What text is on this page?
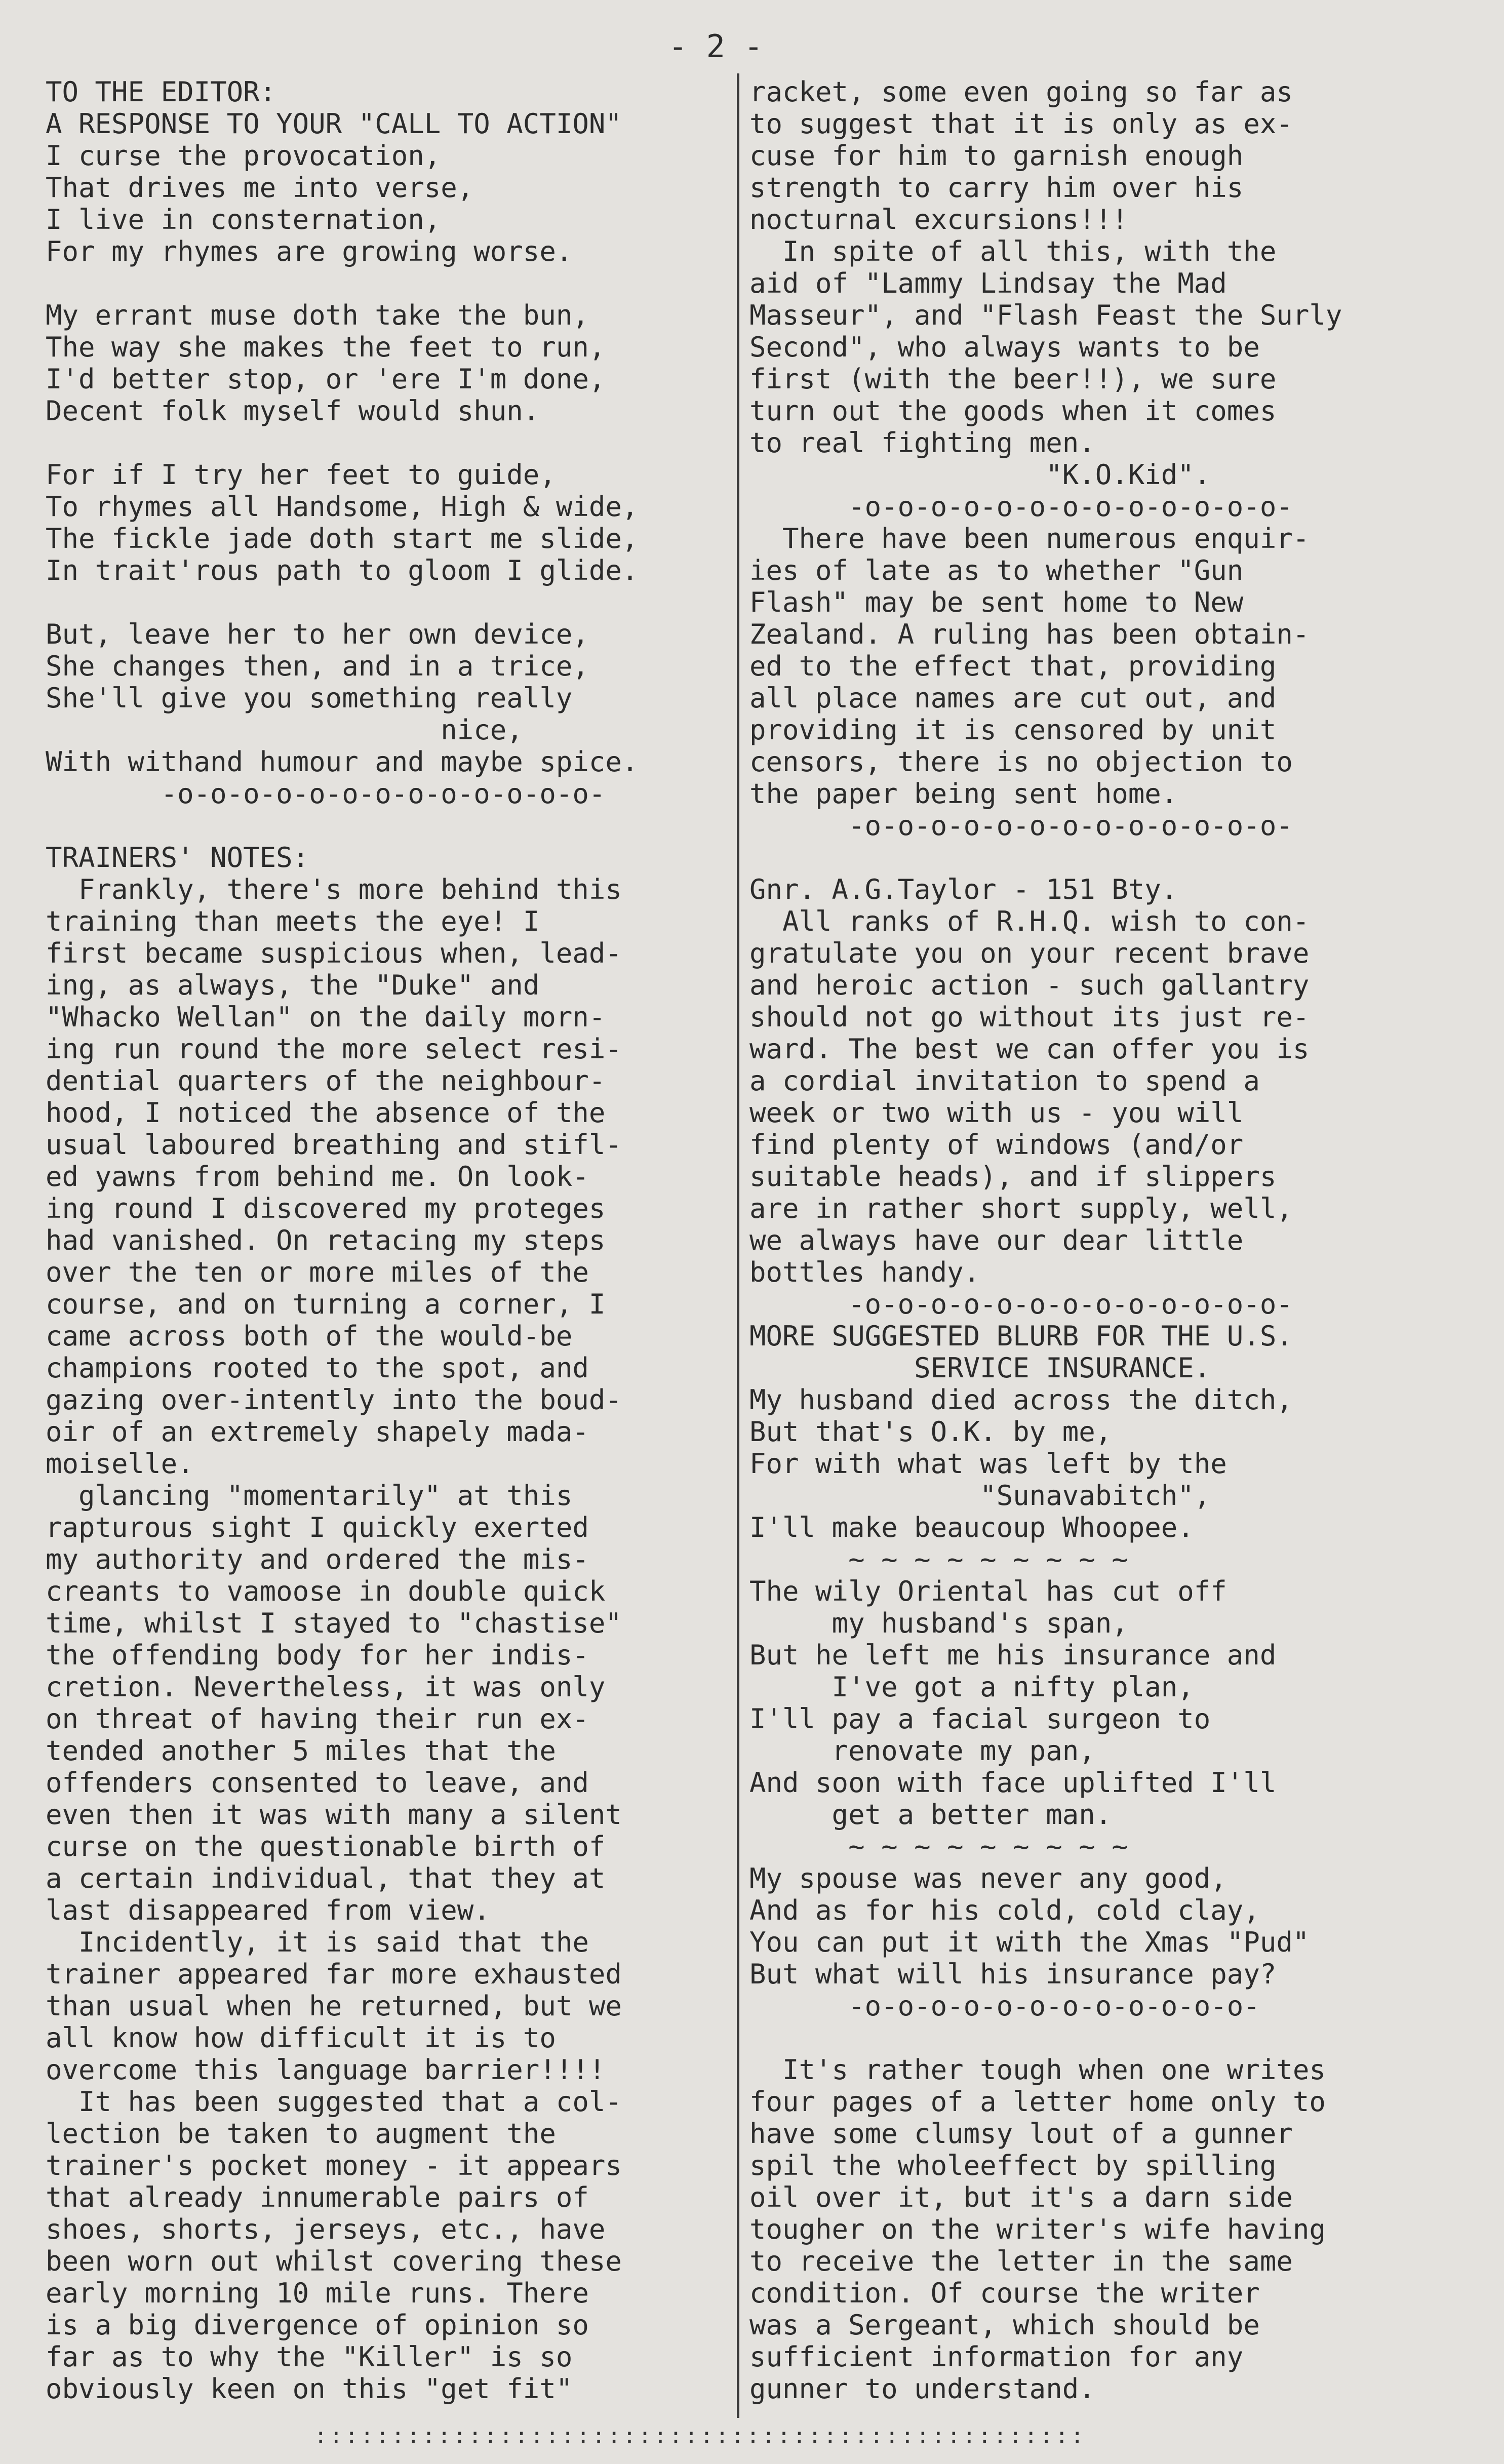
- 2 -
TO THE EDITOR:
A RESPONSE TO YOUR "CALL TO ACTION"
I curse the provocation,
That drives me into verse,
I live in consternation,
For my rhymes are growing worse.
My errant muse doth take the bun,
The way she makes the feet to run,
I'd better stop, or 'ere I'm done,
Decent folk myself would shun.
For if I try her feet to guide,
To rhymes all Handsome, High & wide,
The fickle jade doth start me slide,
In trait'rous path to gloom I glide.
But, leave her to her own device,
She changes then, and in a trice,
She'll give you something really
nice,
With withand humour and maybe spice.
-o-o-o-o-o-o-o-o-o-o-o-o-o-
TRAINERS' NOTES:
Frankly, there's more behind this
training than meets the eye! I
first became suspicious when, lead-
ing, as always, the "Duke" and
"Whacko Wellan" on the daily morn-
ing run round the more select resi-
dential quarters of the neighbour-
hood, I noticed the absence of the
usual laboured breathing and stifl-
ed yawns from behind me. On look-
ing round I discovered my proteges
had vanished. On retacing my steps
over the ten or more miles of the
course, and on turning a corner, I
came across both of the would-be
champions rooted to the spot, and
gazing over-intently into the boud-
oir of an extremely shapely mada-
moiselle.
glancing "momentarily" at this
rapturous sight I quickly exerted
my authority and ordered the mis-
creants to vamoose in double quick
time, whilst I stayed to "chastise"
the offending body for her indis-
cretion. Nevertheless, it was only
on threat of having their run ex-
tended another 5 miles that the
offenders consented to leave, and
even then it was with many a silent
curse on the questionable birth of
a certain individual, that they at
last disappeared from view.
Incidently, it is said that the
trainer appeared far more exhausted
than usual when he returned, but we
all know how difficult it is to
overcome this language barrier!!!!
It has been suggested that a col-
lection be taken to augment the
trainer's pocket money - it appears
that already innumerable pairs of
shoes, shorts, jerseys, etc., have
been worn out whilst covering these
early morning 10 mile runs. There
is a big divergence of opinion so
far as to why the "Killer" is so
obviously keen on this "get fit"
racket, some even going so far as
to suggest that it is only as ex-
cuse for him to garnish enough
strength to carry him over his
nocturnal excursions!!!
In spite of all this, with the
aid of "Lammy Lindsay the Mad
Masseur", and "Flash Feast the Surly
Second", who always wants to be
first (with the beer!!), we sure
turn out the goods when it comes
to real fighting men.
"K.O.Kid".
-o-o-o-o-o-o-o-o-o-o-o-o-o-
There have been numerous enquir-
ies of late as to whether "Gun
Flash" may be sent home to New
Zealand. A ruling has been obtain-
ed to the effect that, providing
all place names are cut out, and
providing it is censored by unit
censors, there is no objection to
the paper being sent home.
-o-o-o-o-o-o-o-o-o-o-o-o-o-
Gnr. A.G.Taylor - 151 Bty.
All ranks of R.H.Q. wish to con-
gratulate you on your recent brave
and heroic action - such gallantry
should not go without its just re-
ward. The best we can offer you is
a cordial invitation to spend a
week or two with us - you will
find plenty of windows (and/or
suitable heads), and if slippers
are in rather short supply, well,
we always have our dear little
bottles handy.
-o-o-o-o-o-o-o-o-o-o-o-o-o-
MORE SUGGESTED BLURB FOR THE U.S.
SERVICE INSURANCE.
My husband died across the ditch,
But that's O.K. by me,
For with what was left by the
"Sunavabitch",
I'll make beaucoup Whoopee.
~ ~ ~ ~ ~ ~ ~ ~ ~
The wily Oriental has cut off
my husband's span,
But he left me his insurance and
I've got a nifty plan,
I'll pay a facial surgeon to
renovate my pan,
And soon with face uplifted I'll
get a better man.
~ ~ ~ ~ ~ ~ ~ ~ ~
My spouse was never any good,
And as for his cold, cold clay,
You can put it with the Xmas "Pud"
But what will his insurance pay?
-o-o-o-o-o-o-o-o-o-o-o-o-
It's rather tough when one writes
four pages of a letter home only to
have some clumsy lout of a gunner
spil the wholeeffect by spilling
oil over it, but it's a darn side
tougher on the writer's wife having
to receive the letter in the same
condition. Of course the writer
was a Sergeant, which should be
sufficient information for any
gunner to understand.
::::::::::::::::::::::::::::::::::::::::::::::::::
